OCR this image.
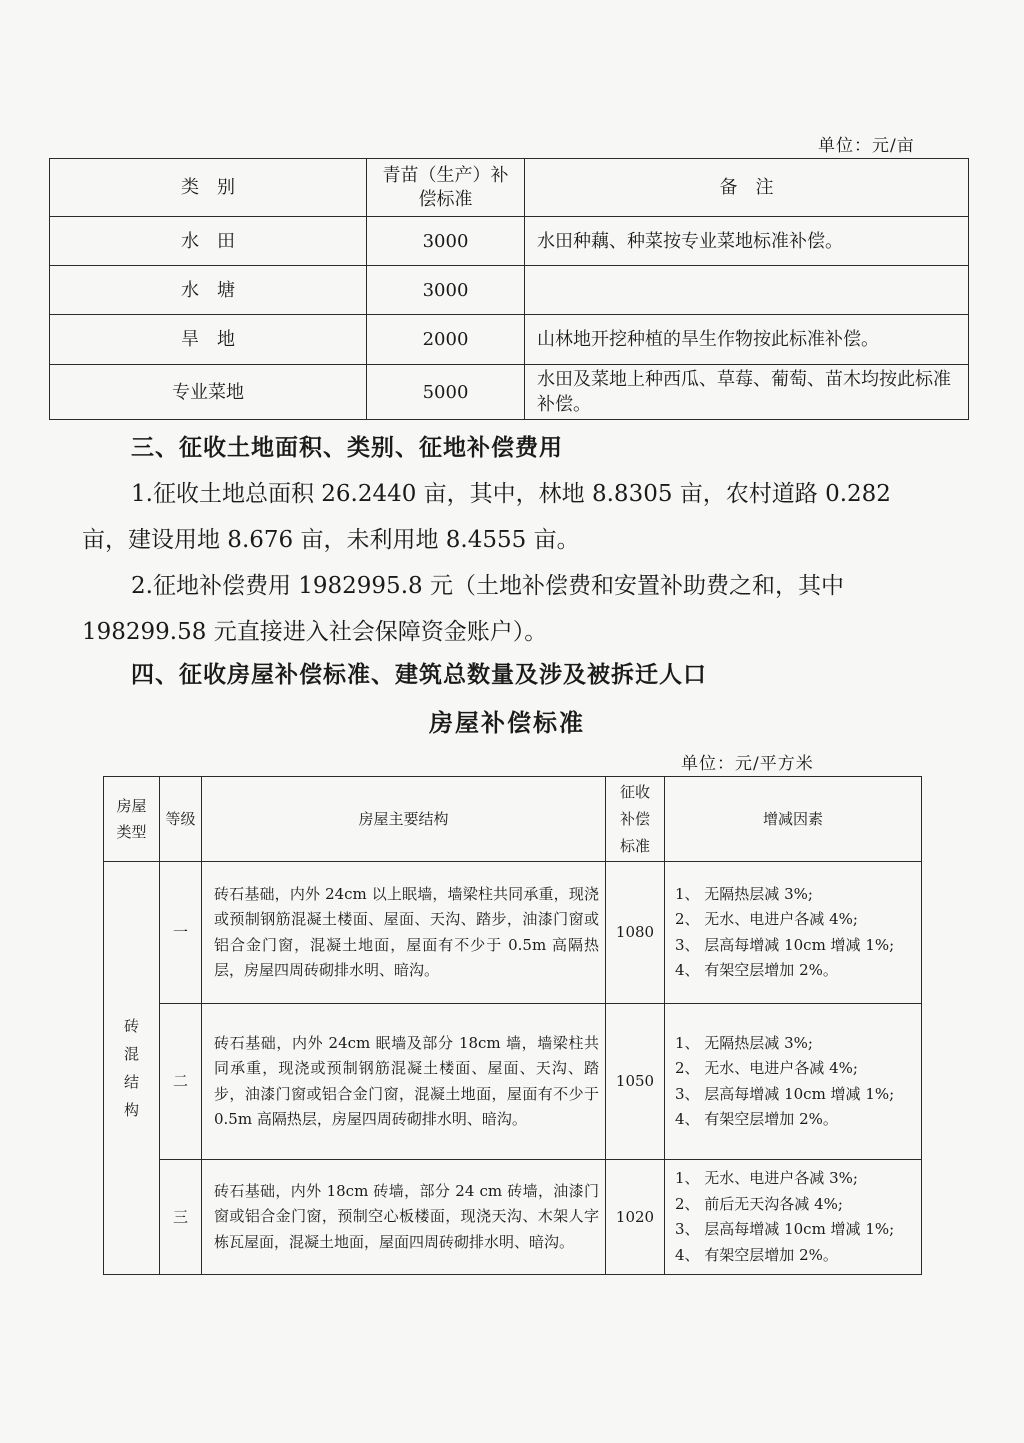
单位：元/亩
类　别	青苗（生产）补偿标准	备　注
水　田	3000	水田种藕、种菜按专业菜地标准补偿。
水　塘	3000	
旱　地	2000	山林地开挖种植的旱生作物按此标准补偿。
专业菜地	5000	水田及菜地上种西瓜、草莓、葡萄、苗木均按此标准补偿。
三、征收土地面积、类别、征地补偿费用
1.征收土地总面积 26.2440 亩，其中，林地 8.8305 亩，农村道路 0.282 亩，建设用地 8.676 亩，未利用地 8.4555 亩。
2.征地补偿费用 1982995.8 元（土地补偿费和安置补助费之和，其中 198299.58 元直接进入社会保障资金账户）。
四、征收房屋补偿标准、建筑总数量及涉及被拆迁人口
房屋补偿标准
单位：元/平方米
房屋类型	等级	房屋主要结构	征收补偿标准	增减因素
砖混结构	一	砖石基础，内外 24cm 以上眠墙，墙梁柱共同承重，现浇或预制钢筋混凝土楼面、屋面、天沟、踏步，油漆门窗或铝合金门窗，混凝土地面，屋面有不少于 0.5m 高隔热层，房屋四周砖砌排水明、暗沟。	1080	1、 无隔热层减 3%;
2、 无水、电进户各减 4%;
3、 层高每增减 10cm 增减 1%;
4、 有架空层增加 2%。

	二	砖石基础，内外 24cm 眠墙及部分 18cm 墙，墙梁柱共同承重，现浇或预制钢筋混凝土楼面、屋面、天沟、踏步，油漆门窗或铝合金门窗，混凝土地面，屋面有不少于 0.5m 高隔热层，房屋四周砖砌排水明、暗沟。	1050	1、 无隔热层减 3%;
2、 无水、电进户各减 4%;
3、 层高每增减 10cm 增减 1%;
4、 有架空层增加 2%。

	三	砖石基础，内外 18cm 砖墙，部分 24 cm 砖墙，油漆门窗或铝合金门窗，预制空心板楼面，现浇天沟、木架人字栋瓦屋面，混凝土地面，屋面四周砖砌排水明、暗沟。	1020	1、 无水、电进户各减 3%;
2、 前后无天沟各减 4%;
3、 层高每增减 10cm 增减 1%;
4、 有架空层增加 2%。
